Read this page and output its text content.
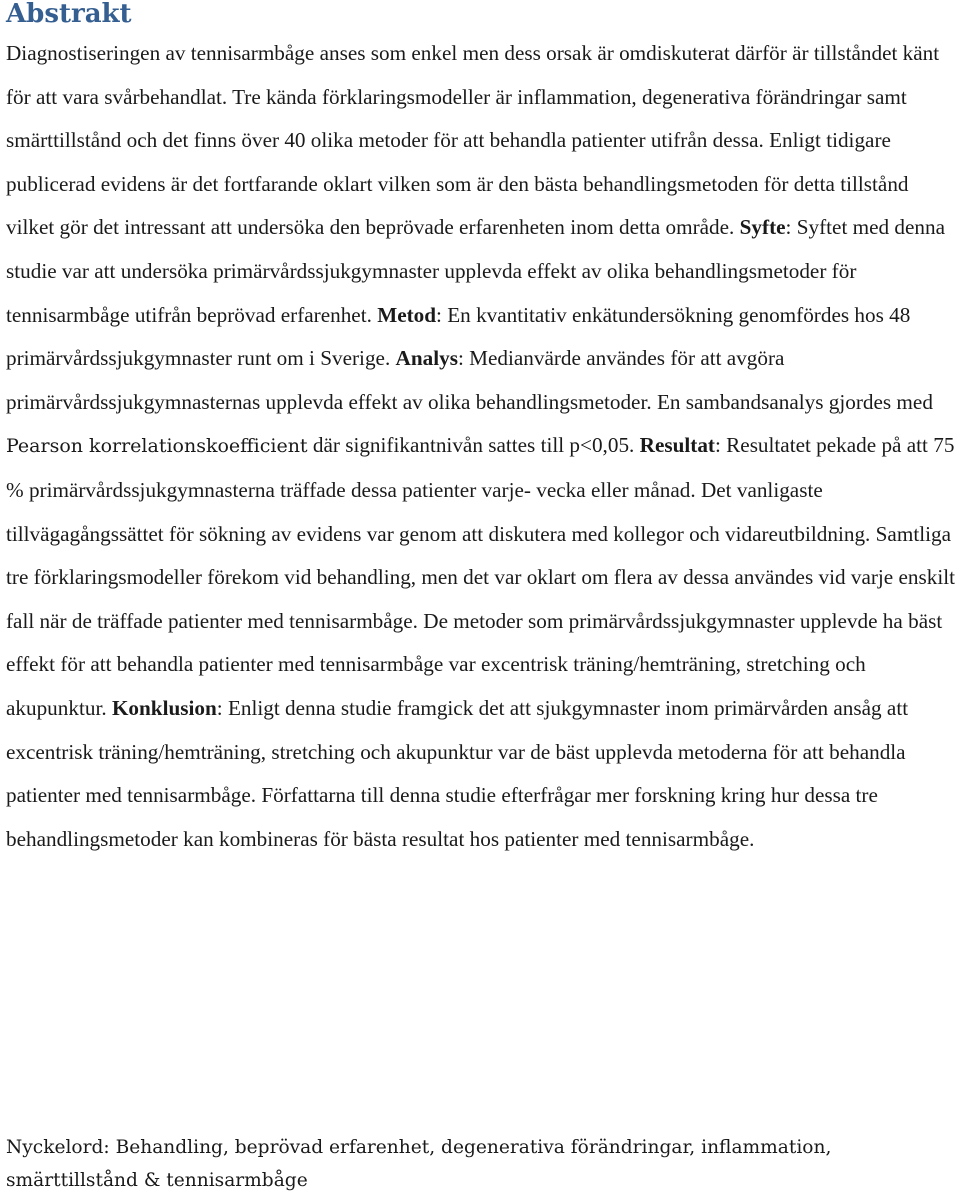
Abstrakt

Diagnostiseringen av tennisarmbåge anses som enkel men dess orsak är omdiskuterat därför är tillståndet känt för att vara svårbehandlat. Tre kända förklaringsmodeller är inflammation, degenerativa förändringar samt smärttillstånd och det finns över 40 olika metoder för att behandla patienter utifrån dessa. Enligt tidigare publicerad evidens är det fortfarande oklart vilken som är den bästa behandlingsmetoden för detta tillstånd vilket gör det intressant att undersöka den beprövade erfarenheten inom detta område. Syfte: Syftet med denna studie var att undersöka primärvårdssjukgymnaster upplevda effekt av olika behandlingsmetoder för tennisarmbåge utifrån beprövad erfarenhet. Metod: En kvantitativ enkätundersökning genomfördes hos 48 primärvårdssjukgymnaster runt om i Sverige. Analys: Medianvärde användes för att avgöra primärvårdssjukgymnasternas upplevda effekt av olika behandlingsmetoder. En sambandsanalys gjordes med Pearson korrelationskoefficient där signifikantnivån sattes till p<0,05. Resultat: Resultatet pekade på att 75 % primärvårdssjukgymnasterna träffade dessa patienter varje- vecka eller månad. Det vanligaste tillvägagångssättet för sökning av evidens var genom att diskutera med kollegor och vidareutbildning. Samtliga tre förklaringsmodeller förekom vid behandling, men det var oklart om flera av dessa användes vid varje enskilt fall när de träffade patienter med tennisarmbåge. De metoder som primärvårdssjukgymnaster upplevde ha bäst effekt för att behandla patienter med tennisarmbåge var excentrisk träning/hemträning, stretching och akupunktur. Konklusion: Enligt denna studie framgick det att sjukgymnaster inom primärvården ansåg att excentrisk träning/hemträning, stretching och akupunktur var de bäst upplevda metoderna för att behandla patienter med tennisarmbåge. Författarna till denna studie efterfrågar mer forskning kring hur dessa tre behandlingsmetoder kan kombineras för bästa resultat hos patienter med tennisarmbåge.

Nyckelord: Behandling, beprövad erfarenhet, degenerativa förändringar, inflammation, smärttillstånd & tennisarmbåge
